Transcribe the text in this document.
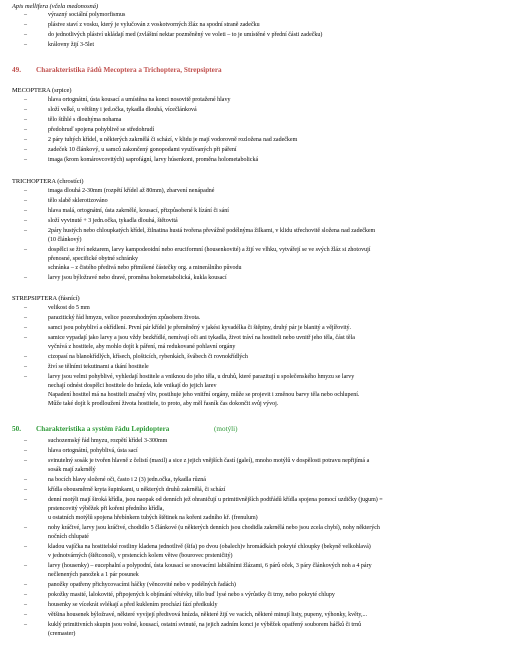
Apis mellifera (včela medonosná)
–	výrazný sociální polymorfismus
–	plástve staví z vosku, který je vylučován z voskotvorných žláz na spodní straně zadečku
–	do jednotlivých pláství ukládají med (zvláštní nektar pozměněný ve voleti – to je umístěné v přední části zadečku)
–	královny žijí 3-5let
49. Charakteristika řádů Mecoptera a Trichoptera, Strepsiptera
MECOPTERA (srpice)
–	hlava ortognátní, ústa kousací a umístěna na konci nosovitě protažené hlavy
–	složí velké, u většiny i jed.očka, tykadla dlouhá, vícečlánková
–	tělo štíhlé s dlouhýma nohama
–	předohruď spojena pohyblivě se středohrudí
–	2 páry tuhých křídel, u některých zakrnělá či schází, v klidu je mají vodorovně rozložena nad zadečkem
–	zadeček 10 článkový, u samců zakončený gonopodami využívaných při páření
–	imaga (krom komárovcovitých) saprofágní, larvy húsenkoni, proměna holometabolická
TRICHOPTERA (chrostíci)
–	imaga dlouhá 2-30mm (rozpětí křídel až 80mm), zbarvení nenápadné
–	tělo slabě sklerotizováno
–	hlava malá, ortognátní, ústa zakrnělé, kousací, přizpůsobené k lízání či sání
–	složí vyvinuté + 3 jedn.očka, tykadla dlouhá, štětovitá
–	2páry hustých nebo chloupkatých křídel, žilnatina hustá tvořena převážně podélnýma žilkami, v klidu střechovitě složena nad zadečkem
(10 článkový)
–	dospělci se živí nektarem, larvy kampodeoidní nebo eruciformní (housenkovité) a žijí ve vlhku, vytvářejí se ve svých žláz si zhotovují
přenosné, specifické obytné schránky
schránka – z čistého předivá nebo přimíšené částečky org. a minerálního původu
–	larvy jsou býložravé nebo dravé, proměna holometabolická, kukla kousací
STREPSIPTERA (řásnící)
–	velikost do 5 mm
–	parazitický řád hmyzu, velice pozoruhodným způsobem života.
–	samci jsou pohybliví a okřídlení. První pár křídel je přeměněný v jakési kyvadélka či štěpiny, druhý pár je blanitý a vějířovitý.
–	samice vypadají jako larvy a jsou vždy bezkřídlé, nemívají oči ani tykadla, život tráví na hostiteli nebo uvnitř jeho těla, část těla
vyčnívá z hostitele, aby mohlo dojít k páření, má redukované pohlavní orgány
–	cizopasí na blanokřídlých, křísech, plošticích, rybenkách, švábech či rovnokřídlých
–	živí se tělními tekutinami a tkání hostitele
–	larvy jsou velmi pohyblivé, vyhledají hostitele a vniknou do jeho těla, u druhů, které parazitují u společenského hmyzu se larvy
nechají odnést dospělci hostitele do hnízda, kde vnikají do jejich larev
Napadení hostitel má na hostiteli značný vliv, postihuje jeho vnitřní orgány, může se projevit i změnou barvy těla nebo ochlupení.
Může také dojít k prodloužení života hostitele, to proto, aby měl řasník čas dokončit svůj vývoj.
50. Charakteristika a systém řádu Lepidoptera	(motýli)
–	suchozemský řád hmyzu, rozpětí křídel 3-300mm
–	hlava ortognátní, pohyblivá, ústa sací
–	svinutelný sosák je tvořen hlavně z čelistí (maxil) a sice z jejich vnějších častí (galeí), mnoho motýlů v dospělosti potravu nepřijímá a
sosák mají zakrnělý
–	na bocích hlavy složené oči, často i 2 (3) jedn.očka, tykadla různá
–	křídla obousměrně kryta šupinkami, u některých druhů zakrnělá, či schází
–	denní motýli mají široká křídla, jsou naopak od denních jež ohraničují u primitivnějších podtřádů křídla spojena pomocí uzdičky (jugum) =
prstencovitý výběžek při kořeni předního křídla,
u ostatních motýlů spojena hřebínkem tuhých štětinek na kořeni zadního kř. (frenulum)
–	nohy kráčivé, larvy jsou kráčivé, chodidlo 5 článkové (u některých denních jsou chodidla zakrnělá nebo jsou zcela chybí), nohy některých
nočních chlupaté
–	kladou vajíčka na hostitelské rostliny kladena jednotlivě (šifa) po dvou (obalech)v hromádkách pokryté chloupky (bekyně velkohlavá)
v jednotvárných (štětconoš), v prstencích kolem větve (bourovec prsteničitý)
–	larvy (housenky) – eucephalní a polypodní, ústa kousací se snovacími labiálními žlázami, 6 párů oček, 3 páry článkových noh a 4 páry
nečlenených panožek a 1 pár posunek
–	panožky opatřeny přichycovacími háčky (věncovité nebo v podélných řadách)
–	pokožky masité, lalokovité, připojených k objímání větévky, tělo buď lysé nebo s výrůstky či trny, nebo pokryté chlupy
–	housenky se vícekrát svlékají a před kuklením prochází fází předkukly
–	většina housenek býložravé, některé vyvíjejí předivová hnízda, některé žijí ve vacích, některé minují listy, pupeny, výhonky, květy,...
–	kuklý primitivních skupin jsou volné, kousací, ostatní svinuté, na jejich zadním konci je výběžek opatřený souborem háčků či trnů
(cremaster)
